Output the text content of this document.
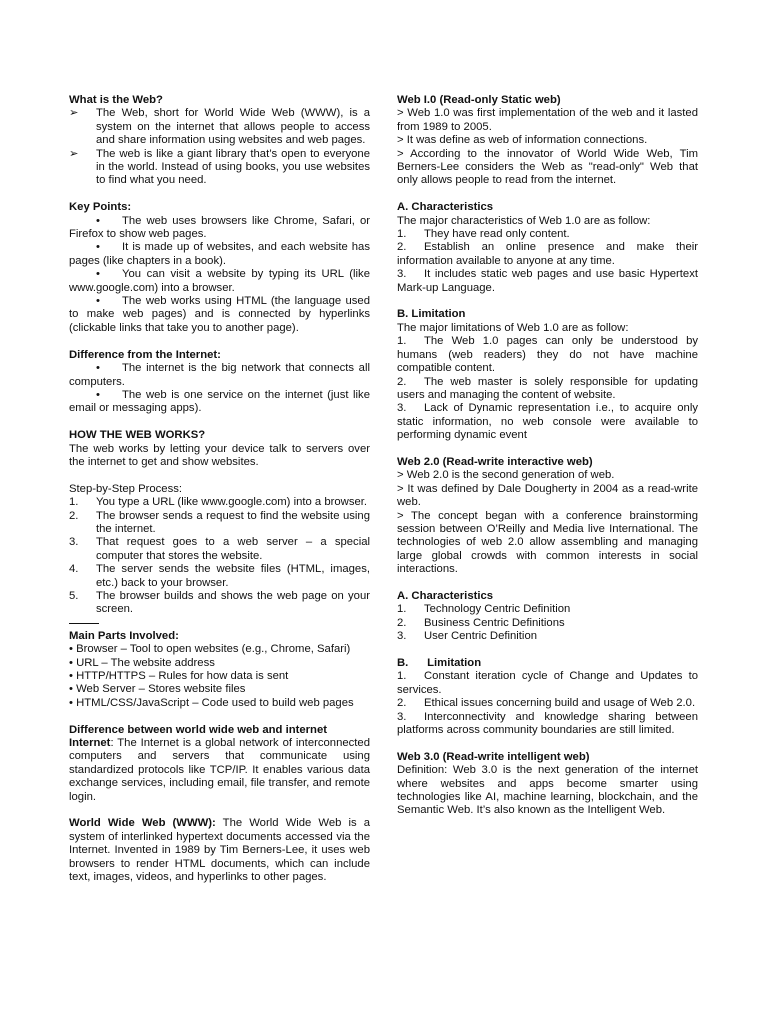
What is the Web?

➢ The Web, short for World Wide Web (WWW), is a system on the internet that allows people to access and share information using websites and web pages.
➢ The web is like a giant library that’s open to everyone in the world. Instead of using books, you use websites to find what you need.

Key Points:

• The web uses browsers like Chrome, Safari, or Firefox to show web pages.
• It is made up of websites, and each website has pages (like chapters in a book).
• You can visit a website by typing its URL (like www.google.com) into a browser.
• The web works using HTML (the language used to make web pages) and is connected by hyperlinks (clickable links that take you to another page).

Difference from the Internet:

• The internet is the big network that connects all computers.
• The web is one service on the internet (just like email or messaging apps).

HOW THE WEB WORKS?

The web works by letting your device talk to servers over the internet to get and show websites.

Step-by-Step Process:

1. You type a URL (like www.google.com) into a browser.
2. The browser sends a request to find the website using the internet.
3. That request goes to a web server – a special computer that stores the website.
4. The server sends the website files (HTML, images, etc.) back to your browser.
5. The browser builds and shows the web page on your screen.

Main Parts Involved:

• Browser – Tool to open websites (e.g., Chrome, Safari)

• URL – The website address

• HTTP/HTTPS – Rules for how data is sent

• Web Server – Stores website files

• HTML/CSS/JavaScript – Code used to build web pages

Difference between world wide web and internet

Internet: The Internet is a global network of interconnected computers and servers that communicate using standardized protocols like TCP/IP. It enables various data exchange services, including email, file transfer, and remote login.

World Wide Web (WWW): The World Wide Web is a system of interlinked hypertext documents accessed via the Internet. Invented in 1989 by Tim Berners-Lee, it uses web browsers to render HTML documents, which can include text, images, videos, and hyperlinks to other pages.

Web I.0 (Read-only Static web)

> Web 1.0 was first implementation of the web and it lasted from 1989 to 2005.

> It was define as web of information connections.

> According to the innovator of World Wide Web, Tim Berners-Lee considers the Web as "read-only" Web that only allows people to read from the internet.

A. Characteristics

The major characteristics of Web 1.0 are as follow:

1. They have read only content.

2. Establish an online presence and make their information available to anyone at any time.

3. It includes static web pages and use basic Hypertext Mark-up Language.

B. Limitation

The major limitations of Web 1.0 are as follow:

1. The Web 1.0 pages can only be understood by humans (web readers) they do not have machine compatible content.

2. The web master is solely responsible for updating users and managing the content of website.

3. Lack of Dynamic representation i.e., to acquire only static information, no web console were available to performing dynamic event

Web 2.0 (Read-write interactive web)

> Web 2.0 is the second generation of web.

> It was defined by Dale Dougherty in 2004 as a read-write web.

> The concept began with a conference brainstorming session between O’Reilly and Media live International. The technologies of web 2.0 allow assembling and managing large global crowds with common interests in social interactions.

A. Characteristics

1. Technology Centric Definition

2. Business Centric Definitions

3. User Centric Definition

B.      Limitation

1. Constant iteration cycle of Change and Updates to services.

2. Ethical issues concerning build and usage of Web 2.0.

3. Interconnectivity and knowledge sharing between platforms across community boundaries are still limited.

Web 3.0 (Read-write intelligent web)

Definition: Web 3.0 is the next generation of the internet where websites and apps become smarter using technologies like AI, machine learning, blockchain, and the Semantic Web. It’s also known as the Intelligent Web.
